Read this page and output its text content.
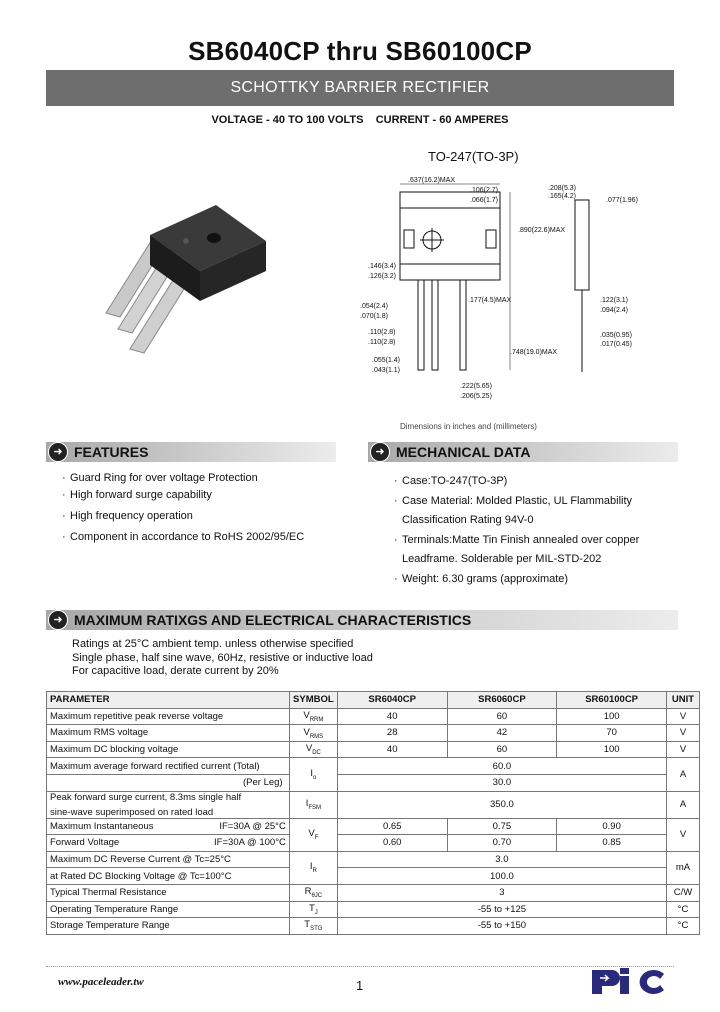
SB6040CP thru SB60100CP
SCHOTTKY BARRIER RECTIFIER
VOLTAGE - 40 TO 100 VOLTS    CURRENT - 60 AMPERES
TO-247(TO-3P)
.637(16.2)MAX
.106(2.7)
.066(1.7)
.208(5.3)
.165(4.2)
.077(1.96)
.146(3.4)
.126(3.2)
.890(22.6)MAX
.177(4.5)MAX	.122(3.1)
.094(2.4)
.054(2.4)
.070(1.8)
.110(2.8)
.110(2.8)
.035(0.95)
.017(0.45)
.055(1.4)
.043(1.1)
.748(19.0)MAX
.222(5.65)
.206(5.25)
Dimensions in inches and (millimeters)
➜ FEATURES
· Guard Ring for over voltage Protection
· High forward surge capability
· High frequency operation
· Component in accordance to RoHS 2002/95/EC
➜ MECHANICAL DATA
· Case:TO-247(TO-3P)
· Case Material: Molded Plastic, UL Flammability
Classification Rating 94V-0
· Terminals:Matte Tin Finish annealed over copper
Leadframe. Solderable per MIL-STD-202
· Weight: 6.30 grams (approximate)
➜ MAXIMUM RATIXGS AND ELECTRICAL CHARACTERISTICS
Ratings at 25°C ambient temp. unless otherwise specified
Single phase, half sine wave, 60Hz, resistive or inductive load
For capacitive load, derate current by 20%
PARAMETER	SYMBOL	SR6040CP	SR6060CP	SR60100CP	UNIT
Maximum repetitive peak reverse voltage	$V_{RRM}$	40	60	100	V
Maximum RMS voltage	$V_{RMS}$	28	42	70	V
Maximum DC blocking voltage	$V_{DC}$	40	60	100	V
Maximum average forward rectified current (Total)	$I_o$	60.0			A
(Per Leg)		30.0			

Peak forward surge current, 8.3ms single half
sine-wave superimposed on rated load	$I_{FSM}$	350.0			A
Maximum Instantaneous IF=30A @ 25°C	$V_F$	0.65	0.75	0.90	V
Forward Voltage IF=30A @ 100°C		0.60	0.70	0.85	
Maximum DC Reverse Current @ Tc=25°C	$I_R$	3.0			mA
at Rated DC Blocking Voltage @ Tc=100°C		100.0			
Typical Thermal Resistance	$R_{\theta JC}$	3			C/W
Operating Temperature Range	$T_J$	-55 to +125			°C
Storage Temperature Range	$T_{STG}$	-55 to +150			°C
www.paceleader.tw	1
